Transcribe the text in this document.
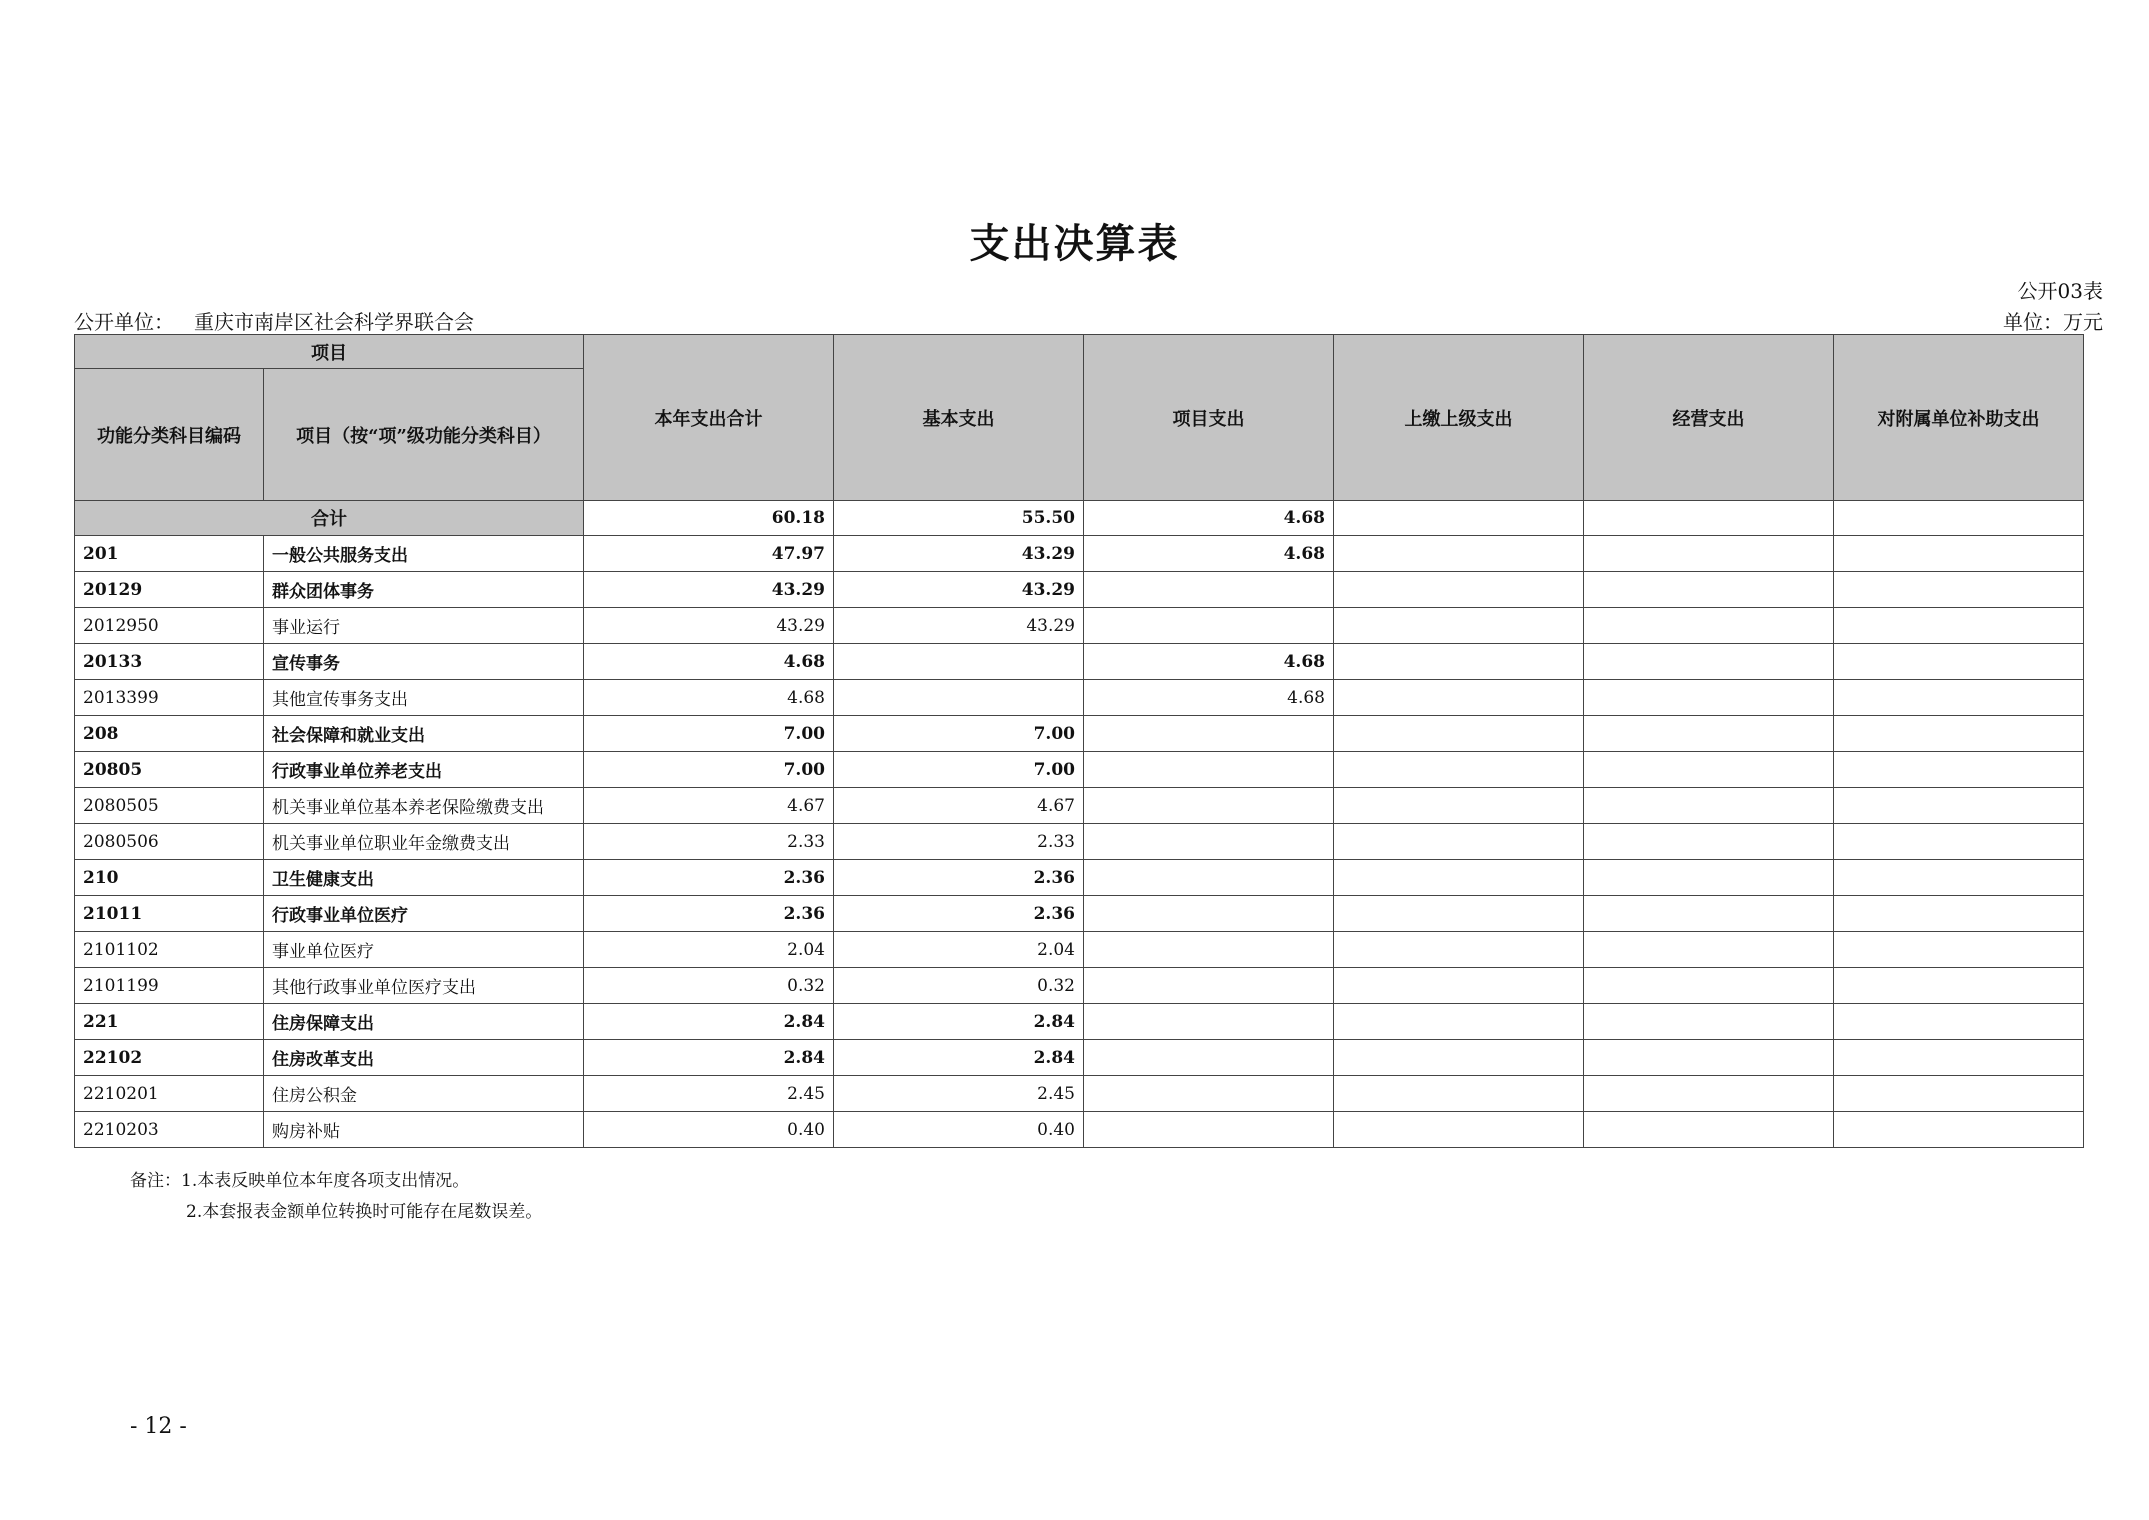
支出决算表
公开03表
公开单位： 重庆市南岸区社会科学界联合会	单位：万元
项目		本年支出合计	基本支出	项目支出	上缴上级支出	经营支出	对附属单位补助支出
功能分类科目编码	项目（按“项”级功能分类科目）						
合计		60.18	55.50	4.68			
201	一般公共服务支出	47.97	43.29	4.68			
20129	群众团体事务	43.29	43.29				
2012950	事业运行	43.29	43.29				
20133	宣传事务	4.68		4.68			
2013399	其他宣传事务支出	4.68		4.68			
208	社会保障和就业支出	7.00	7.00				
20805	行政事业单位养老支出	7.00	7.00				
2080505	机关事业单位基本养老保险缴费支出	4.67	4.67				
2080506	机关事业单位职业年金缴费支出	2.33	2.33				
210	卫生健康支出	2.36	2.36				
21011	行政事业单位医疗	2.36	2.36				
2101102	事业单位医疗	2.04	2.04				
2101199	其他行政事业单位医疗支出	0.32	0.32				
221	住房保障支出	2.84	2.84				
22102	住房改革支出	2.84	2.84				
2210201	住房公积金	2.45	2.45				
2210203	购房补贴	0.40	0.40				
备注：1.本表反映单位本年度各项支出情况。
2.本套报表金额单位转换时可能存在尾数误差。
- 12 -
